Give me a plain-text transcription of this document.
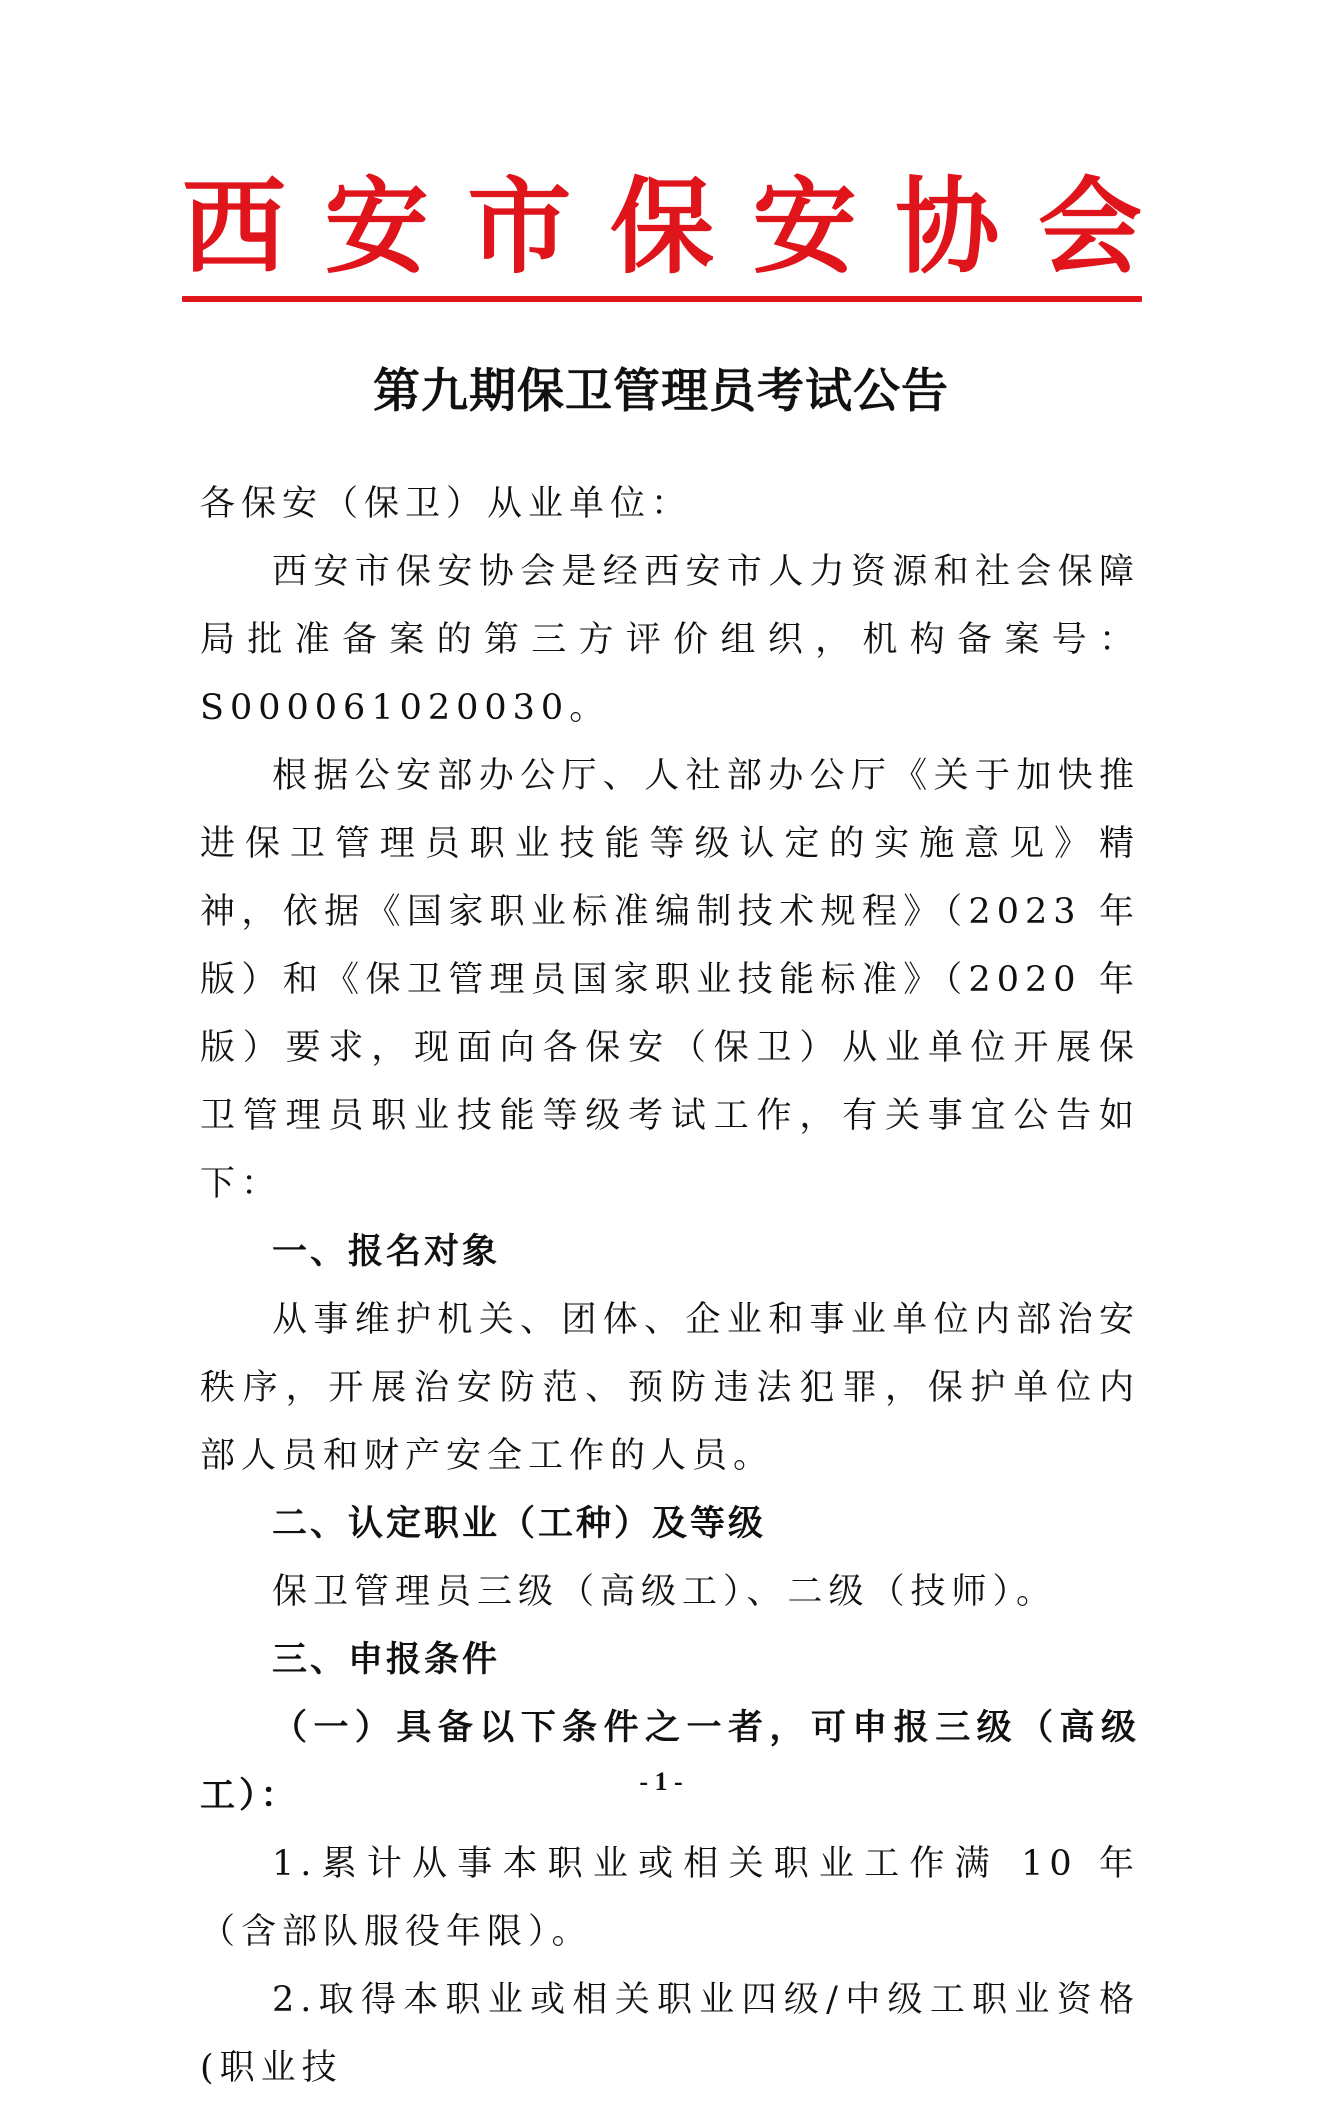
西 安 市 保 安 协 会
第九期保卫管理员考试公告

各保安（保卫）从业单位：

西安市保安协会是经西安市人力资源和社会保障局批准备案的第三方评价组织，机构备案号：S000061020030。

根据公安部办公厅、人社部办公厅《关于加快推进保卫管理员职业技能等级认定的实施意见》精神，依据《国家职业标准编制技术规程》（2023 年版）和《保卫管理员国家职业技能标准》（2020 年版）要求，现面向各保安（保卫）从业单位开展保卫管理员职业技能等级考试工作，有关事宜公告如下：

一、报名对象

从事维护机关、团体、企业和事业单位内部治安秩序，开展治安防范、预防违法犯罪，保护单位内部人员和财产安全工作的人员。

二、认定职业（工种）及等级

保卫管理员三级（高级工）、二级（技师）。

三、申报条件

（一）具备以下条件之一者，可申报三级（高级工）：

1.累计从事本职业或相关职业工作满 10 年（含部队服役年限）。

2.取得本职业或相关职业四级/中级工职业资格(职业技

- 1 -
